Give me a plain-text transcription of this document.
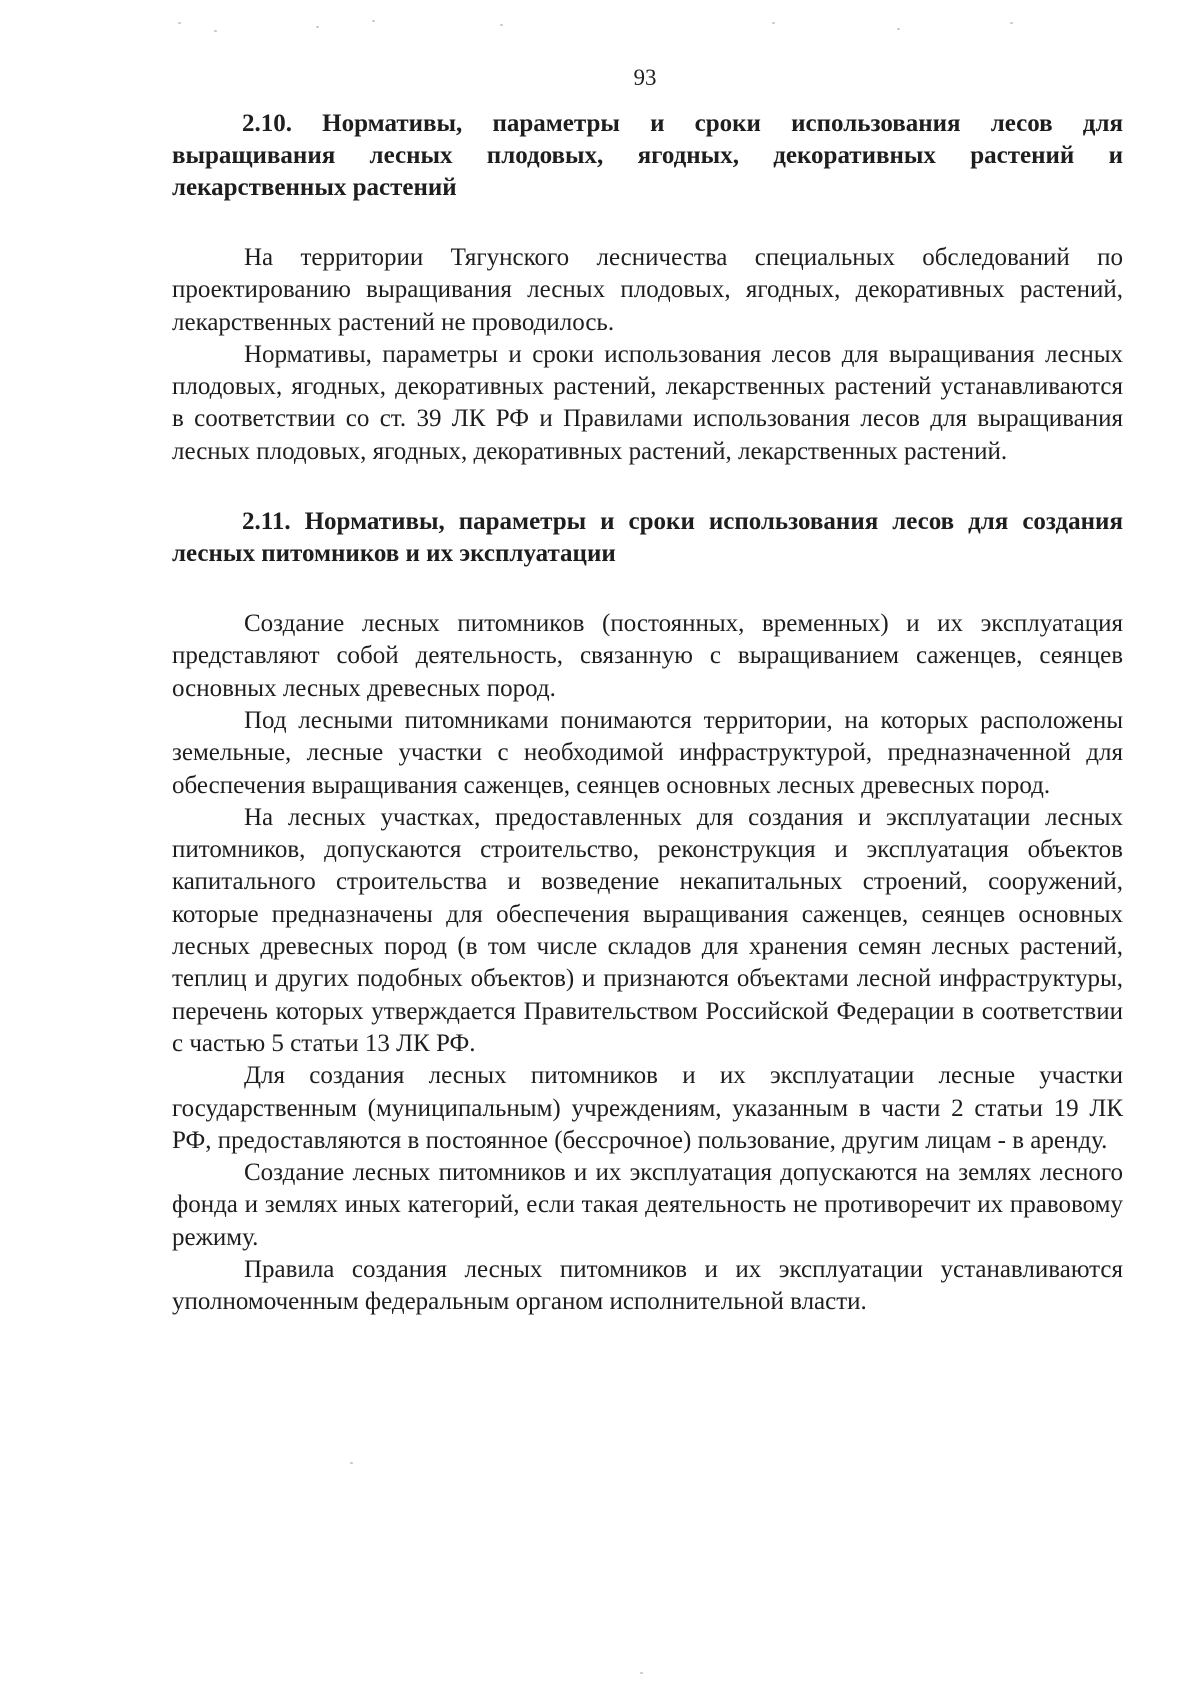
93
2.10. Нормативы, параметры и сроки использования лесов для выращивания лесных плодовых, ягодных, декоративных растений и лекарственных растений

На территории Тягунского лесничества специальных обследований по проектированию выращивания лесных плодовых, ягодных, декоративных растений, лекарственных растений не проводилось.

Нормативы, параметры и сроки использования лесов для выращивания лесных плодовых, ягодных, декоративных растений, лекарственных растений устанавливаются в соответствии со ст. 39 ЛК РФ и Правилами использования лесов для выращивания лесных плодовых, ягодных, декоративных растений, лекарственных растений.

2.11. Нормативы, параметры и сроки использования лесов для создания лесных питомников и их эксплуатации

Создание лесных питомников (постоянных, временных) и их эксплуатация представляют собой деятельность, связанную с выращиванием саженцев, сеянцев основных лесных древесных пород.

Под лесными питомниками понимаются территории, на которых расположены земельные, лесные участки с необходимой инфраструктурой, предназначенной для обеспечения выращивания саженцев, сеянцев основных лесных древесных пород.

На лесных участках, предоставленных для создания и эксплуатации лесных питомников, допускаются строительство, реконструкция и эксплуатация объектов капитального строительства и возведение некапитальных строений, сооружений, которые предназначены для обеспечения выращивания саженцев, сеянцев основных лесных древесных пород (в том числе складов для хранения семян лесных растений, теплиц и других подобных объектов) и признаются объектами лесной инфраструктуры, перечень которых утверждается Правительством Российской Федерации в соответствии с частью 5 статьи 13 ЛК РФ.

Для создания лесных питомников и их эксплуатации лесные участки государственным (муниципальным) учреждениям, указанным в части 2 статьи 19 ЛК РФ, предоставляются в постоянное (бессрочное) пользование, другим лицам - в аренду.

Создание лесных питомников и их эксплуатация допускаются на землях лесного фонда и землях иных категорий, если такая деятельность не противоречит их правовому режиму.

Правила создания лесных питомников и их эксплуатации устанавливаются уполномоченным федеральным органом исполнительной власти.
